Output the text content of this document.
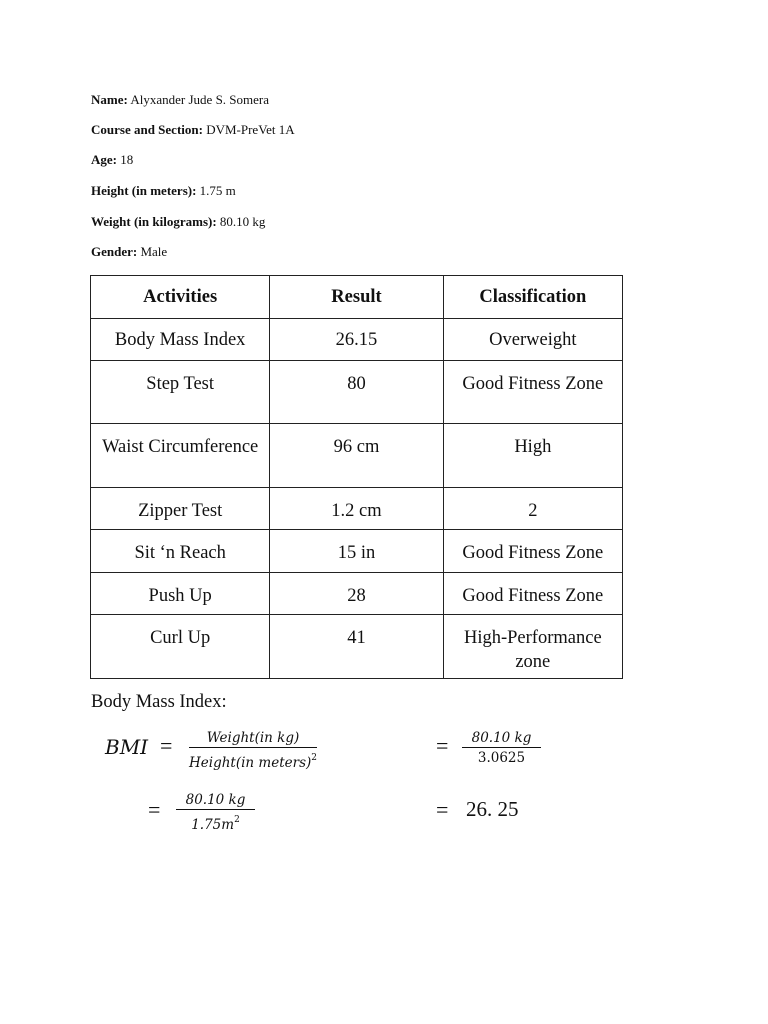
Name: Alyxander Jude S. Somera
Course and Section: DVM-PreVet 1A
Age: 18
Height (in meters): 1.75 m
Weight (in kilograms): 80.10 kg
Gender: Male
Activities	Result	Classification
Body Mass Index	26.15	Overweight
Step Test	80	Good Fitness Zone
Waist Circumference	96 cm	High
Zipper Test	1.2 cm	2
Sit ‘n Reach	15 in	Good Fitness Zone
Push Up	28	Good Fitness Zone
Curl Up	41	High-Performance zone
Body Mass Index:
BMI =	Weight(in kg)
Height(in meters)$^2$	= $\frac{80.10 kg}{3.0625}$
= $\frac{80.10 kg}{1.75m^2}$	= 26. 25
